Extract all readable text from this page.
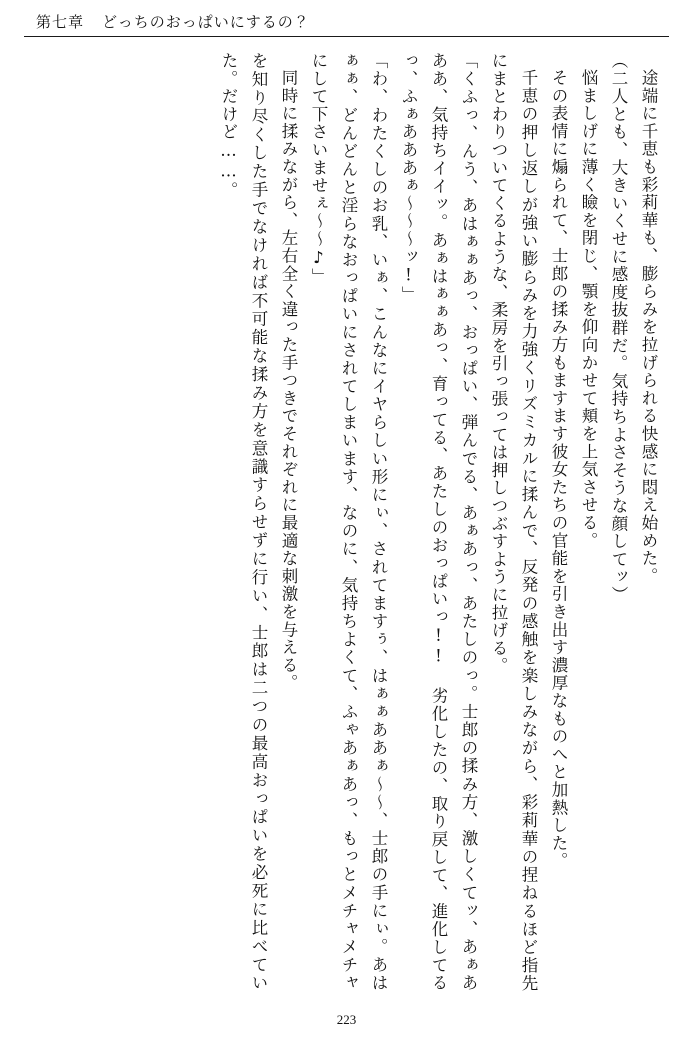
第七章 どっちのおっぱいにするの？

途端に千恵も彩莉華も、膨らみを拉げられる快感に悶え始めた。

（二人とも、大きいくせに感度抜群だ。気持ちよさそうな顔してッ）

悩ましげに薄く瞼を閉じ、顎を仰向かせて頬を上気させる。

その表情に煽られて、士郎の揉み方もますます彼女たちの官能を引き出す濃厚なものへと加熱した。

千恵の押し返しが強い膨らみを力強くリズミカルに揉んで、反発の感触を楽しみながら、彩莉華の捏ねるほど指先にまとわりついてくるような、柔房を引っ張っては押しつぶすように拉げる。

「くふっ、んう、あはぁぁあっ、おっぱい、弾んでる、あぁあっ、あたしのっ。士郎の揉み方、激しくてッ、あぁあああ、気持ちイイッ。あぁはぁぁあっ、育ってる、あたしのおっぱいっ!! 劣化したの、取り戻して、進化してるっ、ふぁあああぁ～～～ッ!」

「わ、わたくしのお乳、いぁ、こんなにイヤらしい形にぃ、されてますぅ、はぁぁああぁ～～、士郎の手にぃ。あはぁぁ、どんどんと淫らなおっぱいにされてしまいます、なのに、気持ちよくて、ふゃあぁあっ、もっとメチャメチャにして下さいませぇ～～♪」

同時に揉みながら、左右全く違った手つきでそれぞれに最適な刺激を与える。

を知り尽くした手でなければ不可能な揉み方を意識すらせずに行い、士郎は二つの最高おっぱいを必死に比べていた。だけど……。

223
